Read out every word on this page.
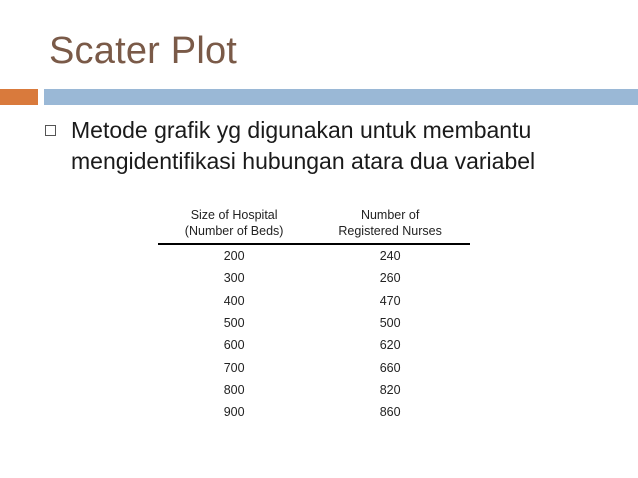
Scater Plot

Metode grafik yg digunakan untuk membantu
mengidentifikasi hubungan atara dua variabel

Size of Hospital
(Number of Beds)	Number of
Registered Nurses
200	240
300	260
400	470
500	500
600	620
700	660
800	820
900	860
